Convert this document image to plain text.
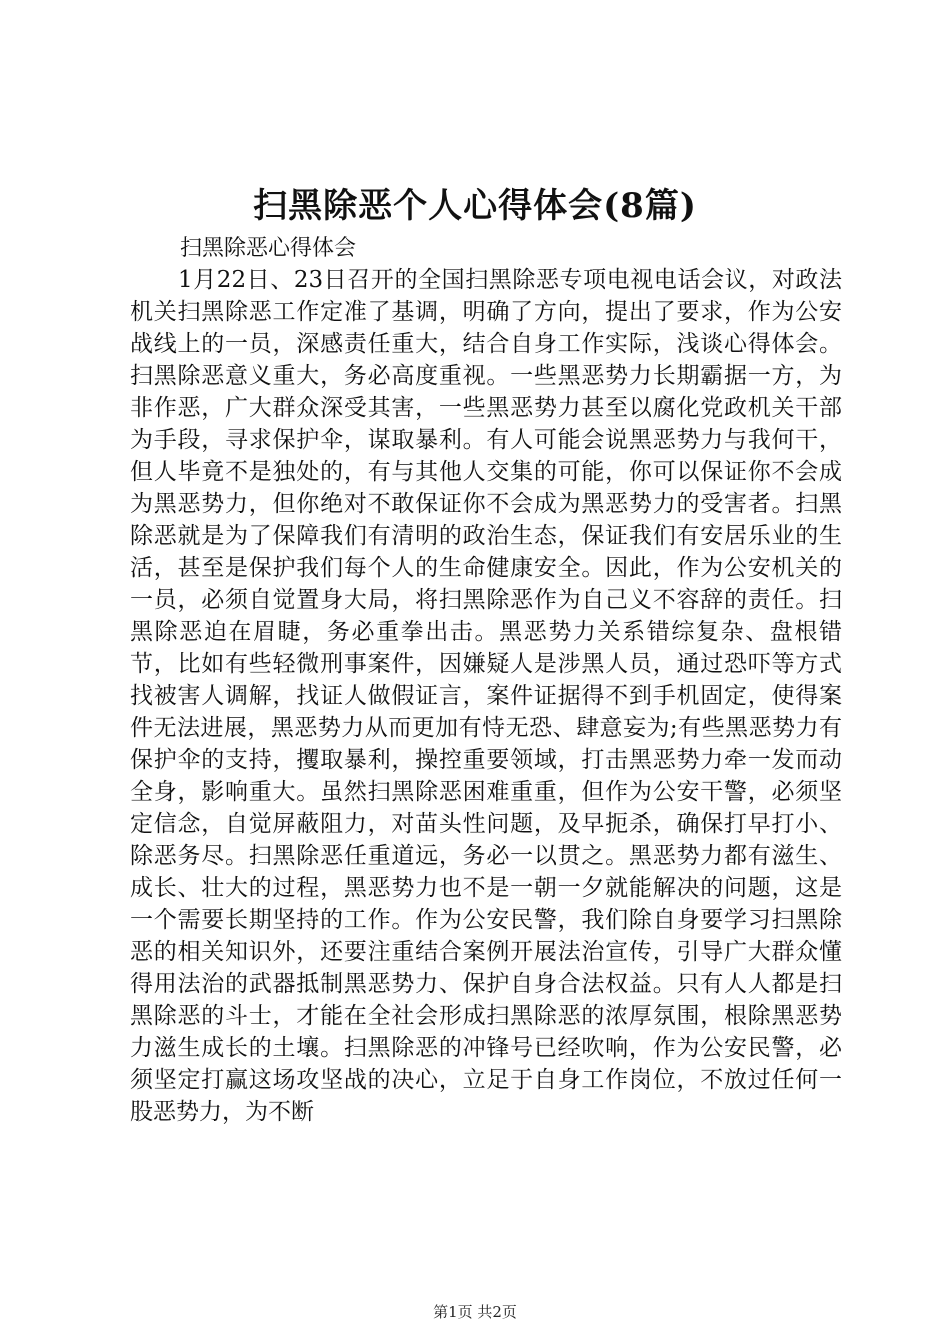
扫黑除恶个人心得体会(8篇)
扫黑除恶心得体会

1月22日、23日召开的全国扫黑除恶专项电视电话会议，对政法机关扫黑除恶工作定准了基调，明确了方向，提出了要求，作为公安战线上的一员，深感责任重大，结合自身工作实际，浅谈心得体会。扫黑除恶意义重大，务必高度重视。一些黑恶势力长期霸据一方，为非作恶，广大群众深受其害，一些黑恶势力甚至以腐化党政机关干部为手段，寻求保护伞，谋取暴利。有人可能会说黑恶势力与我何干，但人毕竟不是独处的，有与其他人交集的可能，你可以保证你不会成为黑恶势力，但你绝对不敢保证你不会成为黑恶势力的受害者。扫黑除恶就是为了保障我们有清明的政治生态，保证我们有安居乐业的生活，甚至是保护我们每个人的生命健康安全。因此，作为公安机关的一员，必须自觉置身大局，将扫黑除恶作为自己义不容辞的责任。扫黑除恶迫在眉睫，务必重拳出击。黑恶势力关系错综复杂、盘根错节，比如有些轻微刑事案件，因嫌疑人是涉黑人员，通过恐吓等方式找被害人调解，找证人做假证言，案件证据得不到手机固定，使得案件无法进展，黑恶势力从而更加有恃无恐、肆意妄为;有些黑恶势力有保护伞的支持，攫取暴利，操控重要领域，打击黑恶势力牵一发而动全身，影响重大。虽然扫黑除恶困难重重，但作为公安干警，必须坚定信念，自觉屏蔽阻力，对苗头性问题，及早扼杀，确保打早打小、除恶务尽。扫黑除恶任重道远，务必一以贯之。黑恶势力都有滋生、成长、壮大的过程，黑恶势力也不是一朝一夕就能解决的问题，这是一个需要长期坚持的工作。作为公安民警，我们除自身要学习扫黑除恶的相关知识外，还要注重结合案例开展法治宣传，引导广大群众懂得用法治的武器抵制黑恶势力、保护自身合法权益。只有人人都是扫黑除恶的斗士，才能在全社会形成扫黑除恶的浓厚氛围，根除黑恶势力滋生成长的土壤。扫黑除恶的冲锋号已经吹响，作为公安民警，必须坚定打赢这场攻坚战的决心，立足于自身工作岗位，不放过任何一股恶势力，为不断

第1页 共2页
